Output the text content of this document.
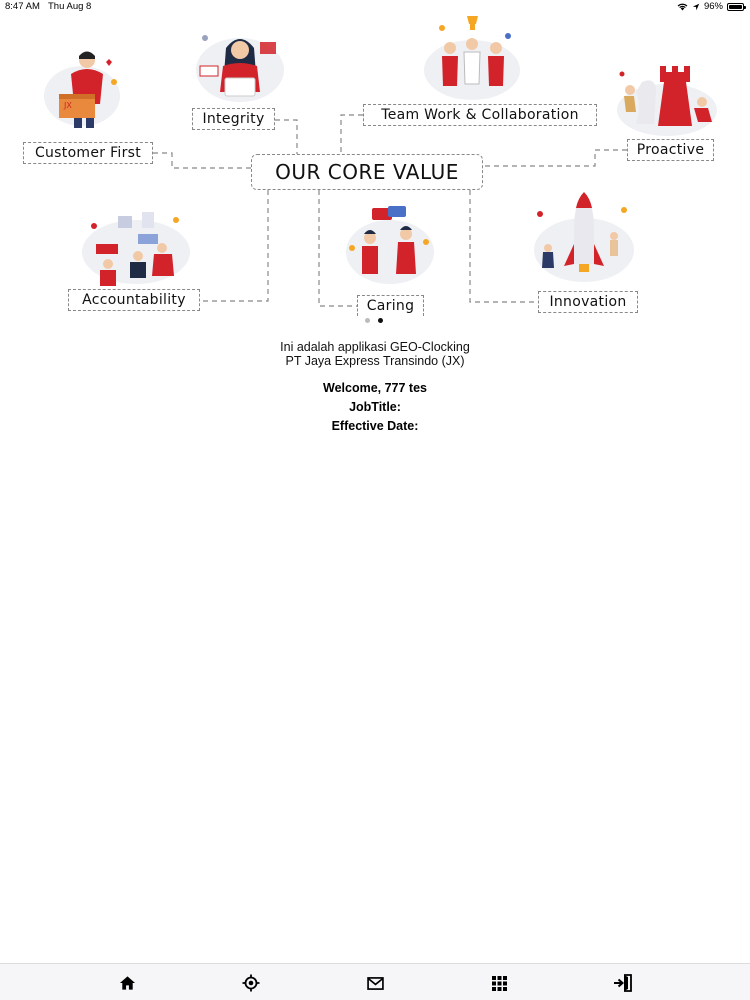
8:47 AM Thu Aug 8	96%
JX
Customer First
Integrity	Team Work & Collaboration
Proactive
Accountability	Caring	Innovation
OUR CORE VALUE
Ini adalah applikasi GEO-Clocking
PT Jaya Express Transindo (JX)
Welcome, 777 tes
JobTitle:
Effective Date:
